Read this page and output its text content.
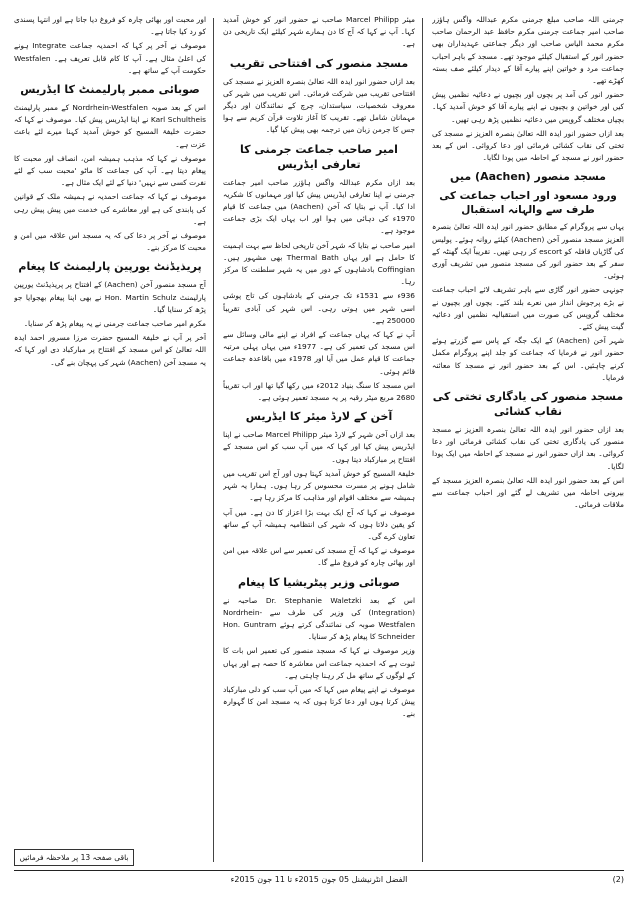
جرمنی اللہ صاحب مبلغ جرمنی مکرم عبداللہ واگس ہاؤزر صاحب امیر جماعت جرمنی مکرم حافظ عبد الرحمان صاحب مکرم محمد الیاس صاحب اور دیگر جماعتی عہدیداران بھی حضور انور کے استقبال کیلئے موجود تھے۔ مسجد کے باہر احباب جماعت مرد و خواتین اپنے پیارے آقا کے دیدار کیلئے صف بستہ کھڑے تھے۔

حضور انور کی آمد پر بچوں اور بچیوں نے دعائیہ نظمیں پیش کیں اور خواتین و بچیوں نے اپنے پیارے آقا کو خوش آمدید کہا۔ بچیاں مختلف گروپس میں دعائیہ نظمیں پڑھ رہی تھیں۔

بعد ازاں حضور انور ایدہ اللہ تعالیٰ بنصرہ العزیز نے مسجد کی تختی کی نقاب کشائی فرمائی اور دعا کروائی۔ اس کے بعد حضور انور نے مسجد کے احاطہ میں پودا لگایا۔

مسجد منصور (Aachen) میں
ورود مسعود اور احباب جماعت کی طرف سے والہانہ استقبال

یہاں سے پروگرام کے مطابق حضور انور ایدہ اللہ تعالیٰ بنصرہ العزیز مسجد منصور آخن (Aachen) کیلئے روانہ ہوئے۔ پولیس کی گاڑیاں قافلہ کو escort کر رہی تھیں۔ تقریباً ایک گھنٹہ کے سفر کے بعد حضور انور کی مسجد منصور میں تشریف آوری ہوئی۔

جونہی حضور انور گاڑی سے باہر تشریف لائے احباب جماعت نے بڑے پرجوش انداز میں نعرے بلند کئے۔ بچوں اور بچیوں نے مختلف گروپس کی صورت میں استقبالیہ نظمیں اور دعائیہ گیت پیش کئے۔

شہر آخن (Aachen) کے ایک جگہ کے پاس سے گزرتے ہوئے حضور انور نے فرمایا کہ جماعت کو جلد اپنے پروگرام مکمل کرنے چاہئیں۔ اس کے بعد حضور انور نے مسجد کا معائنہ فرمایا۔

مسجد منصور کی یادگاری تختی کی نقاب کشائی

بعد ازاں حضور انور ایدہ اللہ تعالیٰ بنصرہ العزیز نے مسجد منصور کی یادگاری تختی کی نقاب کشائی فرمائی اور دعا کروائی۔ بعد ازاں حضور انور نے مسجد کے احاطہ میں ایک پودا لگایا۔

اس کے بعد حضور انور ایدہ اللہ تعالیٰ بنصرہ العزیز مسجد کے بیرونی احاطہ میں تشریف لے گئے اور احباب جماعت سے ملاقات فرمائی۔

میئر Marcel Philipp صاحب نے حضور انور کو خوش آمدید کہا۔ آپ نے کہا کہ آج کا دن ہمارے شہر کیلئے ایک تاریخی دن ہے۔

مسجد منصور کی افتتاحی تقریب

بعد ازاں حضور انور ایدہ اللہ تعالیٰ بنصرہ العزیز نے مسجد کی افتتاحی تقریب میں شرکت فرمائی۔ اس تقریب میں شہر کی معروف شخصیات، سیاستدان، چرچ کے نمائندگان اور دیگر مہمانان شامل تھے۔ تقریب کا آغاز تلاوت قرآن کریم سے ہوا جس کا جرمن زبان میں ترجمہ بھی پیش کیا گیا۔

امیر صاحب جماعت جرمنی کا تعارفی ایڈریس

بعد ازاں مکرم عبداللہ واگس ہاؤزر صاحب امیر جماعت جرمنی نے اپنا تعارفی ایڈریس پیش کیا اور مہمانوں کا شکریہ ادا کیا۔ آپ نے بتایا کہ آخن (Aachen) میں جماعت کا قیام 1970ء کی دہائی میں ہوا اور اب یہاں ایک بڑی جماعت موجود ہے۔

امیر صاحب نے بتایا کہ شہر آخن تاریخی لحاظ سے بہت اہمیت کا حامل ہے اور یہاں Thermal Bath بھی مشہور ہیں۔ Coffingian بادشاہوں کے دور میں یہ شہر سلطنت کا مرکز رہا۔

936ء سے 1531ء تک جرمنی کے بادشاہوں کی تاج پوشی اسی شہر میں ہوتی رہی۔ اس شہر کی آبادی تقریباً 250000 ہے۔

آپ نے کہا کہ یہاں جماعت کے افراد نے اپنے مالی وسائل سے اس مسجد کی تعمیر کی ہے۔ 1977ء میں یہاں پہلی مرتبہ جماعت کا قیام عمل میں آیا اور 1978ء میں باقاعدہ جماعت قائم ہوئی۔

اس مسجد کا سنگ بنیاد 2012ء میں رکھا گیا تھا اور اب تقریباً 2680 مربع میٹر رقبہ پر یہ مسجد تعمیر ہوئی ہے۔

آخن کے لارڈ میئر کا ایڈریس

بعد ازاں آخن شہر کے لارڈ میئر Marcel Philipp صاحب نے اپنا ایڈریس پیش کیا اور کہا کہ میں آپ سب کو اس مسجد کے افتتاح پر مبارکباد دیتا ہوں۔

خلیفۃ المسیح کو خوش آمدید کہتا ہوں اور آج اس تقریب میں شامل ہونے پر مسرت محسوس کر رہا ہوں۔ ہمارا یہ شہر ہمیشہ سے مختلف اقوام اور مذاہب کا مرکز رہا ہے۔

موصوف نے کہا کہ آج ایک بہت بڑا اعزاز کا دن ہے۔ میں آپ کو یقین دلاتا ہوں کہ شہر کی انتظامیہ ہمیشہ آپ کے ساتھ تعاون کرے گی۔

موصوف نے کہا کہ آج مسجد کی تعمیر سے اس علاقہ میں امن اور بھائی چارہ کو فروغ ملے گا۔

صوبائی وزیر پیٹریشیا کا پیغام

اس کے بعد Dr. Stephanie Waletzki صاحبہ نے (Integration) کی وزیر کی طرف سے Nordrhein-Westfalen صوبہ کی نمائندگی کرتے ہوئے Hon. Guntram Schneider کا پیغام پڑھ کر سنایا۔

وزیر موصوف نے کہا کہ مسجد منصور کی تعمیر اس بات کا ثبوت ہے کہ احمدیہ جماعت اس معاشرہ کا حصہ ہے اور یہاں کے لوگوں کے ساتھ مل کر رہنا چاہتی ہے۔

موصوف نے اپنے پیغام میں کہا کہ میں آپ سب کو دلی مبارکباد پیش کرتا ہوں اور دعا کرتا ہوں کہ یہ مسجد امن کا گہوارہ بنے۔

اور محبت اور بھائی چارہ کو فروغ دیا جاتا ہے اور انتہا پسندی کو رد کیا جاتا ہے۔

موصوف نے آخر پر کہا کہ احمدیہ جماعت Integrate ہونے کی اعلیٰ مثال ہے۔ آپ کا کام قابل تعریف ہے۔ Westfalen حکومت آپ کے ساتھ ہے۔

صوبائی ممبر پارلیمنٹ کا ایڈریس

اس کے بعد صوبہ Nordrhein-Westfalen کے ممبر پارلیمنٹ Karl Schultheis نے اپنا ایڈریس پیش کیا۔ موصوف نے کہا کہ حضرت خلیفۃ المسیح کو خوش آمدید کہنا میرے لئے باعث عزت ہے۔

موصوف نے کہا کہ مذہب ہمیشہ امن، انصاف اور محبت کا پیغام دیتا ہے۔ آپ کی جماعت کا ماٹو 'محبت سب کے لئے نفرت کسی سے نہیں' دنیا کے لئے ایک مثال ہے۔

موصوف نے کہا کہ جماعت احمدیہ نے ہمیشہ ملک کے قوانین کی پابندی کی ہے اور معاشرے کی خدمت میں پیش پیش رہی ہے۔

موصوف نے آخر پر دعا کی کہ یہ مسجد اس علاقہ میں امن و محبت کا مرکز بنے۔

پریذیڈنٹ یورپین پارلیمنٹ کا پیغام

آج مسجد منصور آخن (Aachen) کے افتتاح پر پریذیڈنٹ یورپین پارلیمنٹ Hon. Martin Schulz نے بھی اپنا پیغام بھجوایا جو پڑھ کر سنایا گیا۔

مکرم امیر صاحب جماعت جرمنی نے یہ پیغام پڑھ کر سنایا۔

آخر پر آپ نے خلیفۃ المسیح حضرت مرزا مسرور احمد ایدہ اللہ تعالیٰ کو اس مسجد کے افتتاح پر مبارکباد دی اور کہا کہ یہ مسجد آخن (Aachen) شہر کی پہچان بنے گی۔

باقی صفحہ 13 پر ملاحظہ فرمائیں
الفضل انٹرنیشنل 05 جون 2015ء تا 11 جون 2015ء	(2)
